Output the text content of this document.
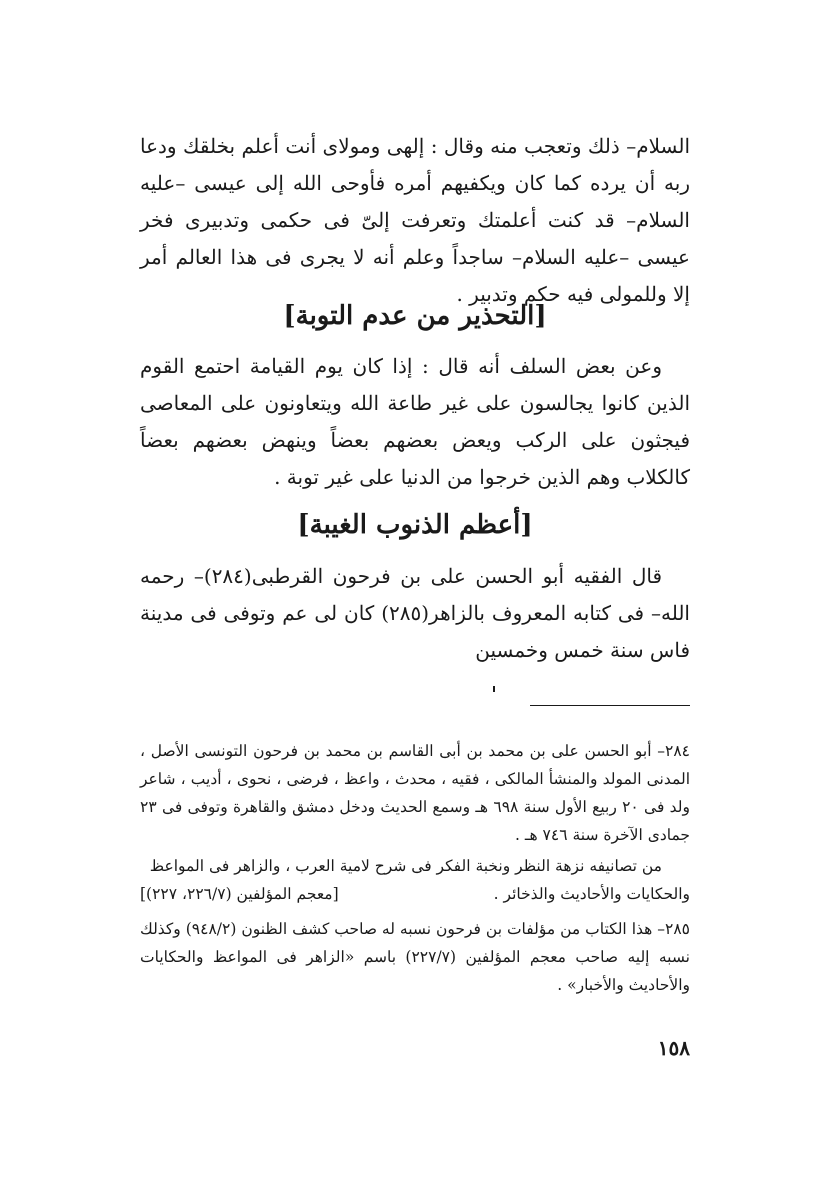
السلام– ذلك وتعجب منه وقال : إلهى ومولاى أنت أعلم بخلقك ودعا ربه أن يرده كما كان ويكفيهم أمره فأوحى الله إلى عيسى –عليه السلام– قد كنت أعلمتك وتعرفت إلىّ فى حكمى وتدبيرى فخر عيسى –عليه السلام– ساجداً وعلم أنه لا يجرى فى هذا العالم أمر إلا وللمولى فيه حكم وتدبير .

[التحذير من عدم التوبة]

وعن بعض السلف أنه قال : إذا كان يوم القيامة احتمع القوم الذين كانوا يجالسون على غير طاعة الله ويتعاونون على المعاصى فيجثون على الركب ويعض بعضهم بعضاً وينهض بعضهم بعضاً كالكلاب وهم الذين خرجوا من الدنيا على غير توبة .

[أعظم الذنوب الغيبة]

قال الفقيه أبو الحسن على بن فرحون القرطبى(٢٨٤)– رحمه الله– فى كتابه المعروف بالزاهر(٢٨٥) كان لى عم وتوفى فى مدينة فاس سنة خمس وخمسين

٢٨٤– أبو الحسن على بن محمد بن أبى القاسم بن محمد بن فرحون التونسى الأصل ، المدنى المولد والمنشأ المالكى ، فقيه ، محدث ، واعظ ، فرضى ، نحوى ، أديب ، شاعر ولد فى ٢٠ ربيع الأول سنة ٦٩٨ هـ وسمع الحديث ودخل دمشق والقاهرة وتوفى فى ٢٣ جمادى الآخرة سنة ٧٤٦ هـ .

من تصانيفه نزهة النظر ونخبة الفكر فى شرح لامية العرب ، والزاهر فى المواعظ
والحكايات والأحاديث والذخائر .
[معجم المؤلفين (٢٢٦/٧، ٢٢٧)]

٢٨٥– هذا الكتاب من مؤلفات بن فرحون نسبه له صاحب كشف الظنون (٩٤٨/٢) وكذلك نسبه إليه صاحب معجم المؤلفين (٢٢٧/٧) باسم «الزاهر فى المواعظ والحكايات والأحاديث والأخبار» .

١٥٨
